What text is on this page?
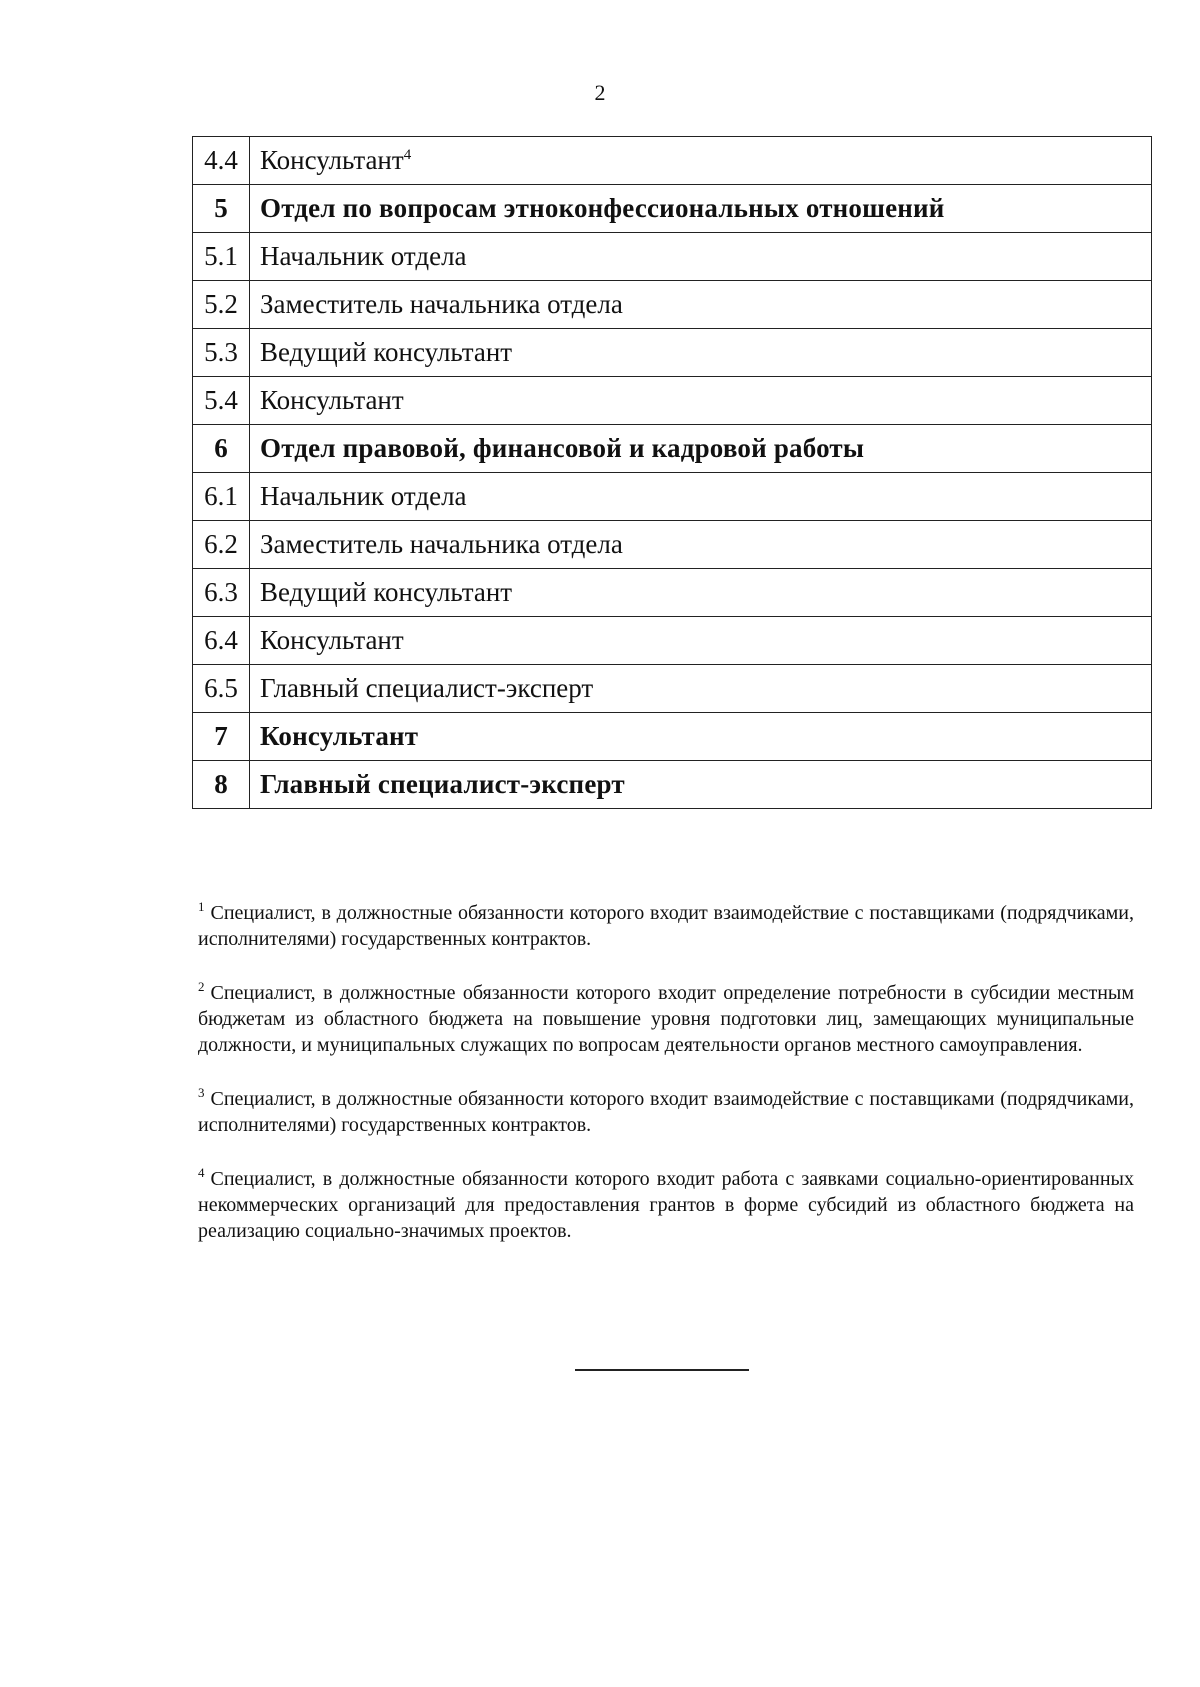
2
4.4	Консультант$^4$
5	Отдел по вопросам этноконфессиональных отношений
5.1	Начальник отдела
5.2	Заместитель начальника отдела
5.3	Ведущий консультант
5.4	Консультант
6	Отдел правовой, финансовой и кадровой работы
6.1	Начальник отдела
6.2	Заместитель начальника отдела
6.3	Ведущий консультант
6.4	Консультант
6.5	Главный специалист-эксперт
7	Консультант
8	Главный специалист-эксперт

$^1$ Специалист, в должностные обязанности которого входит взаимодействие с поставщиками (подрядчиками, исполнителями) государственных контрактов.

$^2$ Специалист, в должностные обязанности которого входит определение потребности в субсидии местным бюджетам из областного бюджета на повышение уровня подготовки лиц, замещающих муниципальные должности, и муниципальных служащих по вопросам деятельности органов местного самоуправления.

$^3$ Специалист, в должностные обязанности которого входит взаимодействие с поставщиками (подрядчиками, исполнителями) государственных контрактов.

$^4$ Специалист, в должностные обязанности которого входит работа с заявками социально-ориентированных некоммерческих организаций для предоставления грантов в форме субсидий из областного бюджета на реализацию социально-значимых проектов.
